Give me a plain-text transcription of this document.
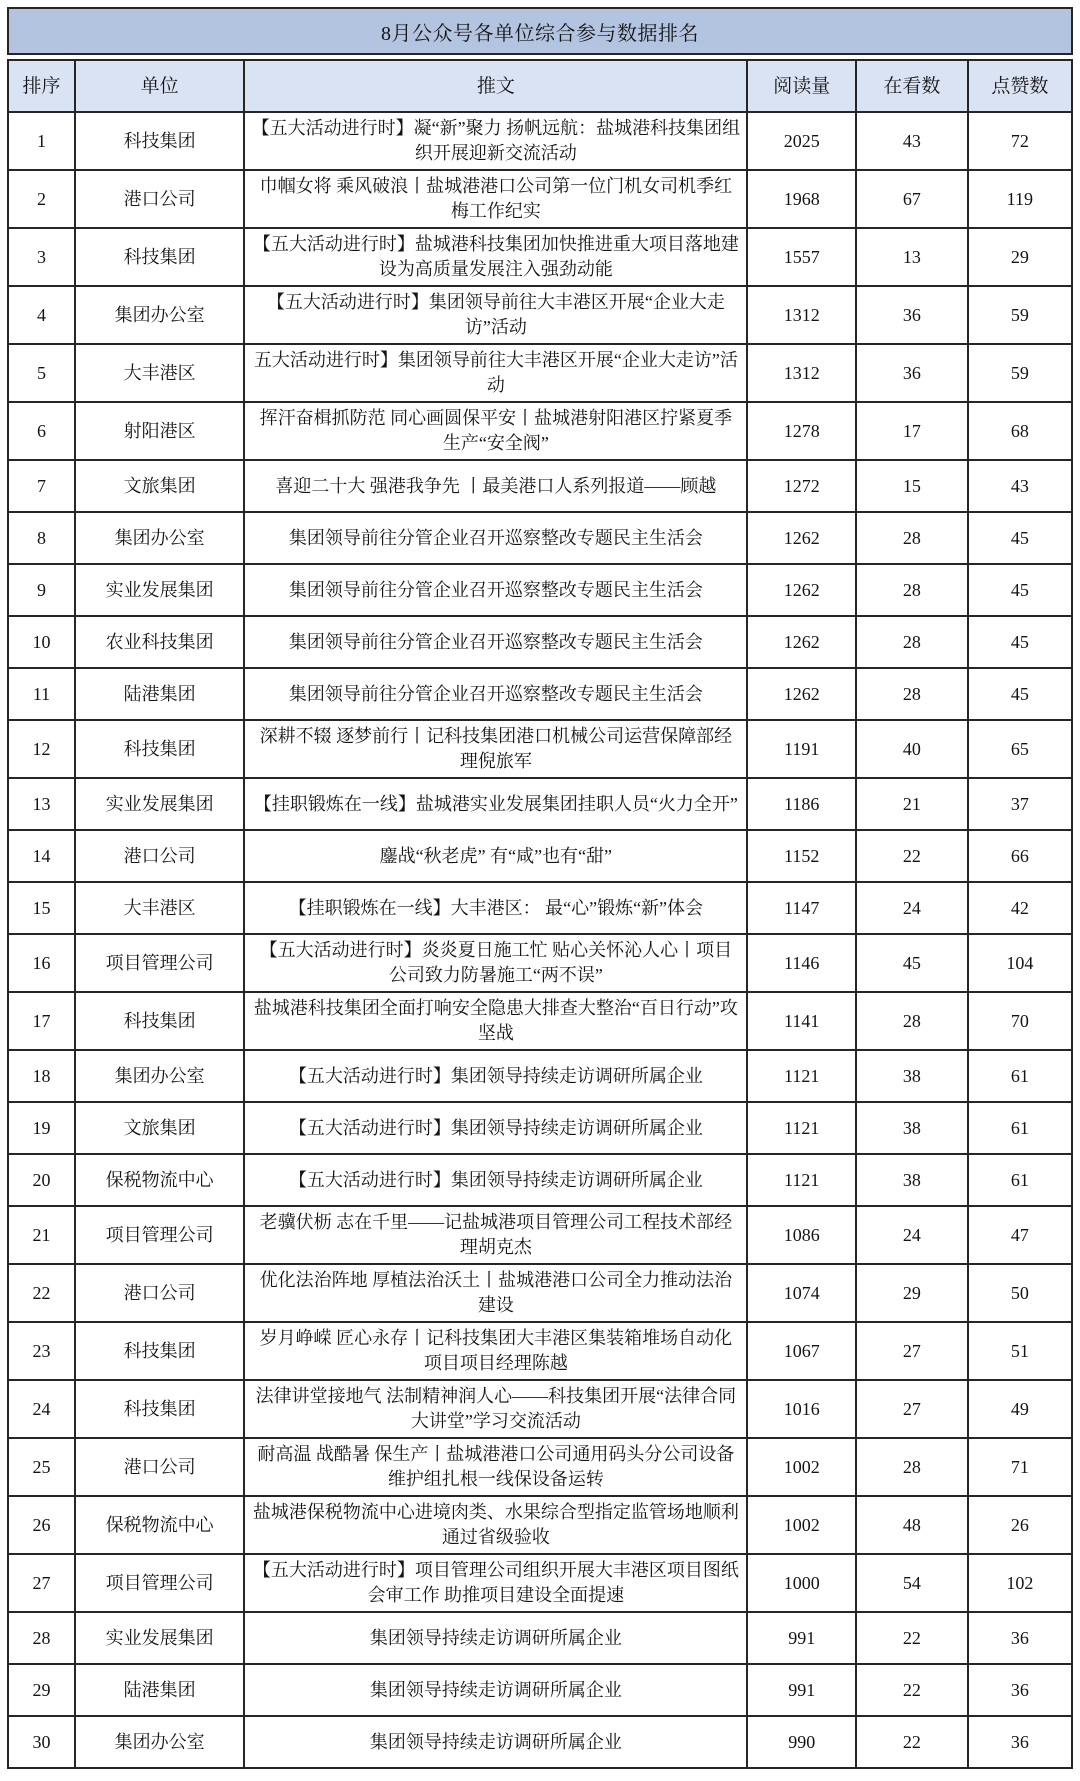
8月公众号各单位综合参与数据排名
排序	单位	推文	阅读量	在看数	点赞数
1	科技集团	【五大活动进行时】凝“新”聚力 扬帆远航：盐城港科技集团组织开展迎新交流活动	2025	43	72
2	港口公司	巾帼女将 乘风破浪丨盐城港港口公司第一位门机女司机季红梅工作纪实	1968	67	119
3	科技集团	【五大活动进行时】盐城港科技集团加快推进重大项目落地建设为高质量发展注入强劲动能	1557	13	29
4	集团办公室	【五大活动进行时】集团领导前往大丰港区开展“企业大走访”活动	1312	36	59
5	大丰港区	五大活动进行时】集团领导前往大丰港区开展“企业大走访”活动	1312	36	59
6	射阳港区	挥汗奋楫抓防范 同心画圆保平安丨盐城港射阳港区拧紧夏季生产“安全阀”	1278	17	68
7	文旅集团	喜迎二十大 强港我争先 丨最美港口人系列报道——顾越	1272	15	43
8	集团办公室	集团领导前往分管企业召开巡察整改专题民主生活会	1262	28	45
9	实业发展集团	集团领导前往分管企业召开巡察整改专题民主生活会	1262	28	45
10	农业科技集团	集团领导前往分管企业召开巡察整改专题民主生活会	1262	28	45
11	陆港集团	集团领导前往分管企业召开巡察整改专题民主生活会	1262	28	45
12	科技集团	深耕不辍 逐梦前行丨记科技集团港口机械公司运营保障部经理倪旅军	1191	40	65
13	实业发展集团	【挂职锻炼在一线】盐城港实业发展集团挂职人员“火力全开”	1186	21	37
14	港口公司	鏖战“秋老虎” 有“咸”也有“甜”	1152	22	66
15	大丰港区	【挂职锻炼在一线】大丰港区： 最“心”锻炼“新”体会	1147	24	42
16	项目管理公司	【五大活动进行时】炎炎夏日施工忙 贴心关怀沁人心丨项目公司致力防暑施工“两不误”	1146	45	104
17	科技集团	盐城港科技集团全面打响安全隐患大排查大整治“百日行动”攻坚战	1141	28	70
18	集团办公室	【五大活动进行时】集团领导持续走访调研所属企业	1121	38	61
19	文旅集团	【五大活动进行时】集团领导持续走访调研所属企业	1121	38	61
20	保税物流中心	【五大活动进行时】集团领导持续走访调研所属企业	1121	38	61
21	项目管理公司	老骥伏枥 志在千里——记盐城港项目管理公司工程技术部经理胡克杰	1086	24	47
22	港口公司	优化法治阵地 厚植法治沃土丨盐城港港口公司全力推动法治建设	1074	29	50
23	科技集团	岁月峥嵘 匠心永存丨记科技集团大丰港区集装箱堆场自动化项目项目经理陈越	1067	27	51
24	科技集团	法律讲堂接地气 法制精神润人心——科技集团开展“法律合同大讲堂”学习交流活动	1016	27	49
25	港口公司	耐高温 战酷暑 保生产丨盐城港港口公司通用码头分公司设备维护组扎根一线保设备运转	1002	28	71
26	保税物流中心	盐城港保税物流中心进境肉类、水果综合型指定监管场地顺利通过省级验收	1002	48	26
27	项目管理公司	【五大活动进行时】项目管理公司组织开展大丰港区项目图纸会审工作 助推项目建设全面提速	1000	54	102
28	实业发展集团	集团领导持续走访调研所属企业	991	22	36
29	陆港集团	集团领导持续走访调研所属企业	991	22	36
30	集团办公室	集团领导持续走访调研所属企业	990	22	36
